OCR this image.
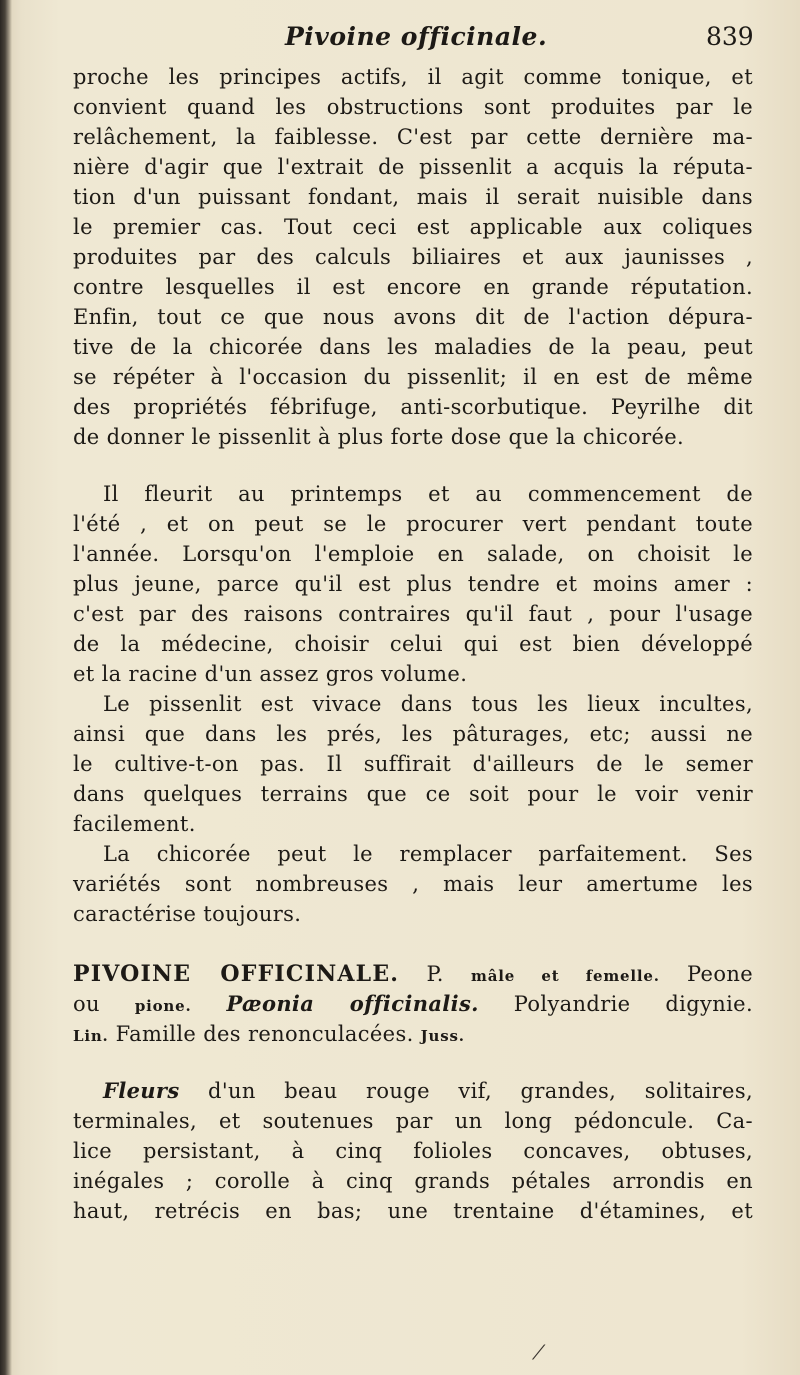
Pivoine officinale.	839
proche les principes actifs, il agit comme tonique, et
convient quand les obstructions sont produites par le
relâchement, la faiblesse. C'est par cette dernière ma-
nière d'agir que l'extrait de pissenlit a acquis la réputa-
tion d'un puissant fondant, mais il serait nuisible dans
le premier cas. Tout ceci est applicable aux coliques
produites par des calculs biliaires et aux jaunisses ,
contre lesquelles il est encore en grande réputation.
Enfin, tout ce que nous avons dit de l'action dépura-
tive de la chicorée dans les maladies de la peau, peut
se répéter à l'occasion du pissenlit; il en est de même
des propriétés fébrifuge, anti-scorbutique. Peyrilhe dit
de donner le pissenlit à plus forte dose que la chicorée.
Il fleurit au printemps et au commencement de
l'été , et on peut se le procurer vert pendant toute
l'année. Lorsqu'on l'emploie en salade, on choisit le
plus jeune, parce qu'il est plus tendre et moins amer :
c'est par des raisons contraires qu'il faut , pour l'usage
de la médecine, choisir celui qui est bien développé
et la racine d'un assez gros volume.
Le pissenlit est vivace dans tous les lieux incultes,
ainsi que dans les prés, les pâturages, etc; aussi ne
le cultive-t-on pas. Il suffirait d'ailleurs de le semer
dans quelques terrains que ce soit pour le voir venir
facilement.
La chicorée peut le remplacer parfaitement. Ses
variétés sont nombreuses , mais leur amertume les
caractérise toujours.
PIVOINE OFFICINALE. P. mâle et femelle. Peone
ou pione. Pæonia officinalis. Polyandrie digynie.
Lin. Famille des renonculacées. Juss.
Fleurs d'un beau rouge vif, grandes, solitaires,
terminales, et soutenues par un long pédoncule. Ca-
lice persistant, à cinq folioles concaves, obtuses,
inégales ; corolle à cinq grands pétales arrondis en
haut, retrécis en bas; une trentaine d'étamines, et
⁄
